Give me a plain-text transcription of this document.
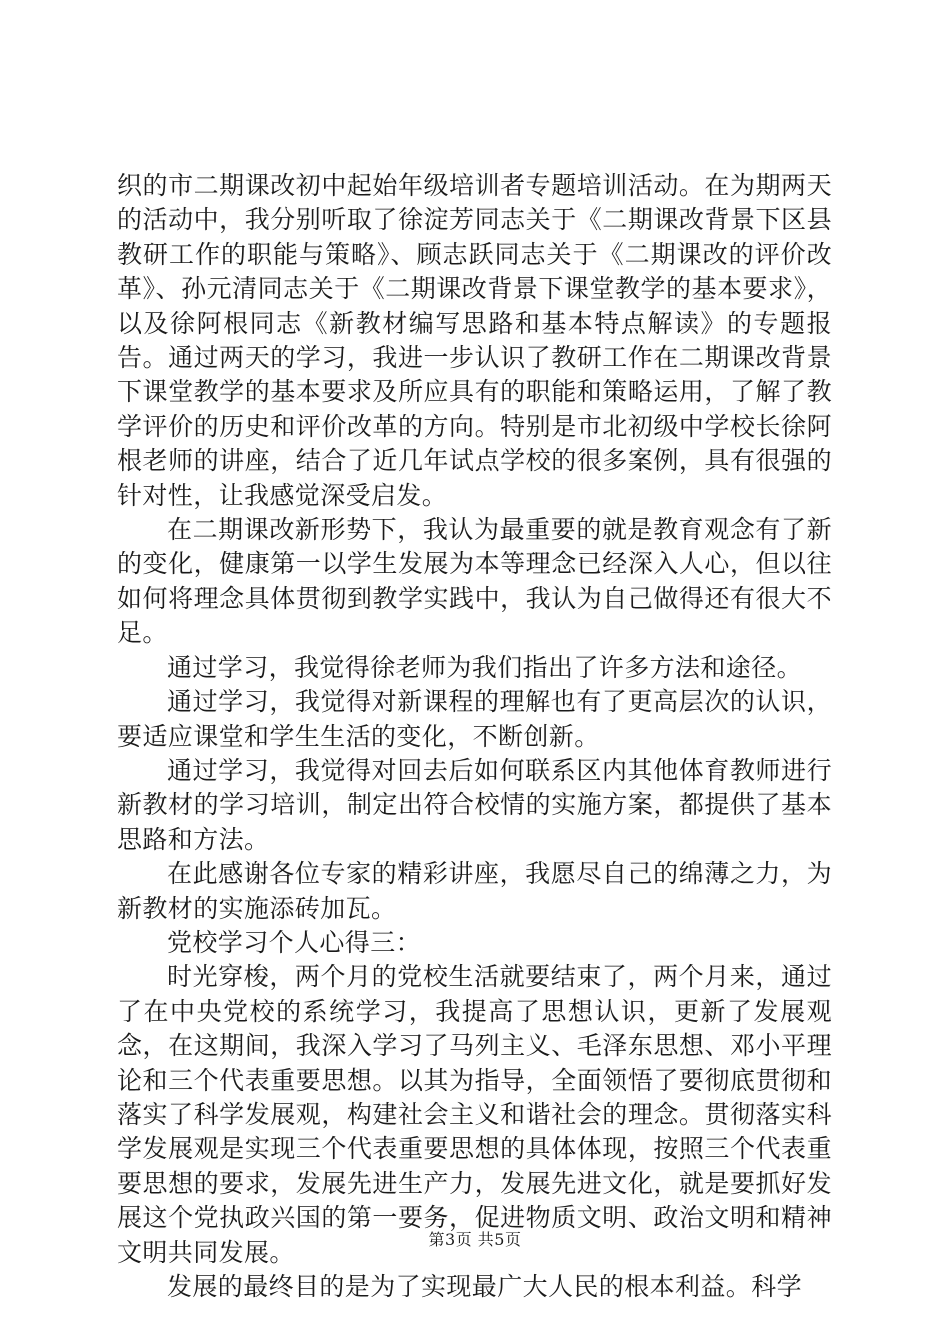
织的市二期课改初中起始年级培训者专题培训活动。在为期两天的活动中，我分别听取了徐淀芳同志关于《二期课改背景下区县教研工作的职能与策略》、顾志跃同志关于《二期课改的评价改革》、孙元清同志关于《二期课改背景下课堂教学的基本要求》，以及徐阿根同志《新教材编写思路和基本特点解读》的专题报告。通过两天的学习，我进一步认识了教研工作在二期课改背景下课堂教学的基本要求及所应具有的职能和策略运用，了解了教学评价的历史和评价改革的方向。特别是市北初级中学校长徐阿根老师的讲座，结合了近几年试点学校的很多案例，具有很强的针对性，让我感觉深受启发。

在二期课改新形势下，我认为最重要的就是教育观念有了新的变化，健康第一以学生发展为本等理念已经深入人心，但以往如何将理念具体贯彻到教学实践中，我认为自己做得还有很大不足。

通过学习，我觉得徐老师为我们指出了许多方法和途径。

通过学习，我觉得对新课程的理解也有了更高层次的认识，要适应课堂和学生生活的变化，不断创新。

通过学习，我觉得对回去后如何联系区内其他体育教师进行新教材的学习培训，制定出符合校情的实施方案，都提供了基本思路和方法。

在此感谢各位专家的精彩讲座，我愿尽自己的绵薄之力，为新教材的实施添砖加瓦。

党校学习个人心得三：

时光穿梭，两个月的党校生活就要结束了，两个月来，通过了在中央党校的系统学习，我提高了思想认识，更新了发展观念，在这期间，我深入学习了马列主义、毛泽东思想、邓小平理论和三个代表重要思想。以其为指导，全面领悟了要彻底贯彻和落实了科学发展观，构建社会主义和谐社会的理念。贯彻落实科学发展观是实现三个代表重要思想的具体体现，按照三个代表重要思想的要求，发展先进生产力，发展先进文化，就是要抓好发展这个党执政兴国的第一要务，促进物质文明、政治文明和精神文明共同发展。

发展的最终目的是为了实现最广大人民的根本利益。科学

第3页 共5页
